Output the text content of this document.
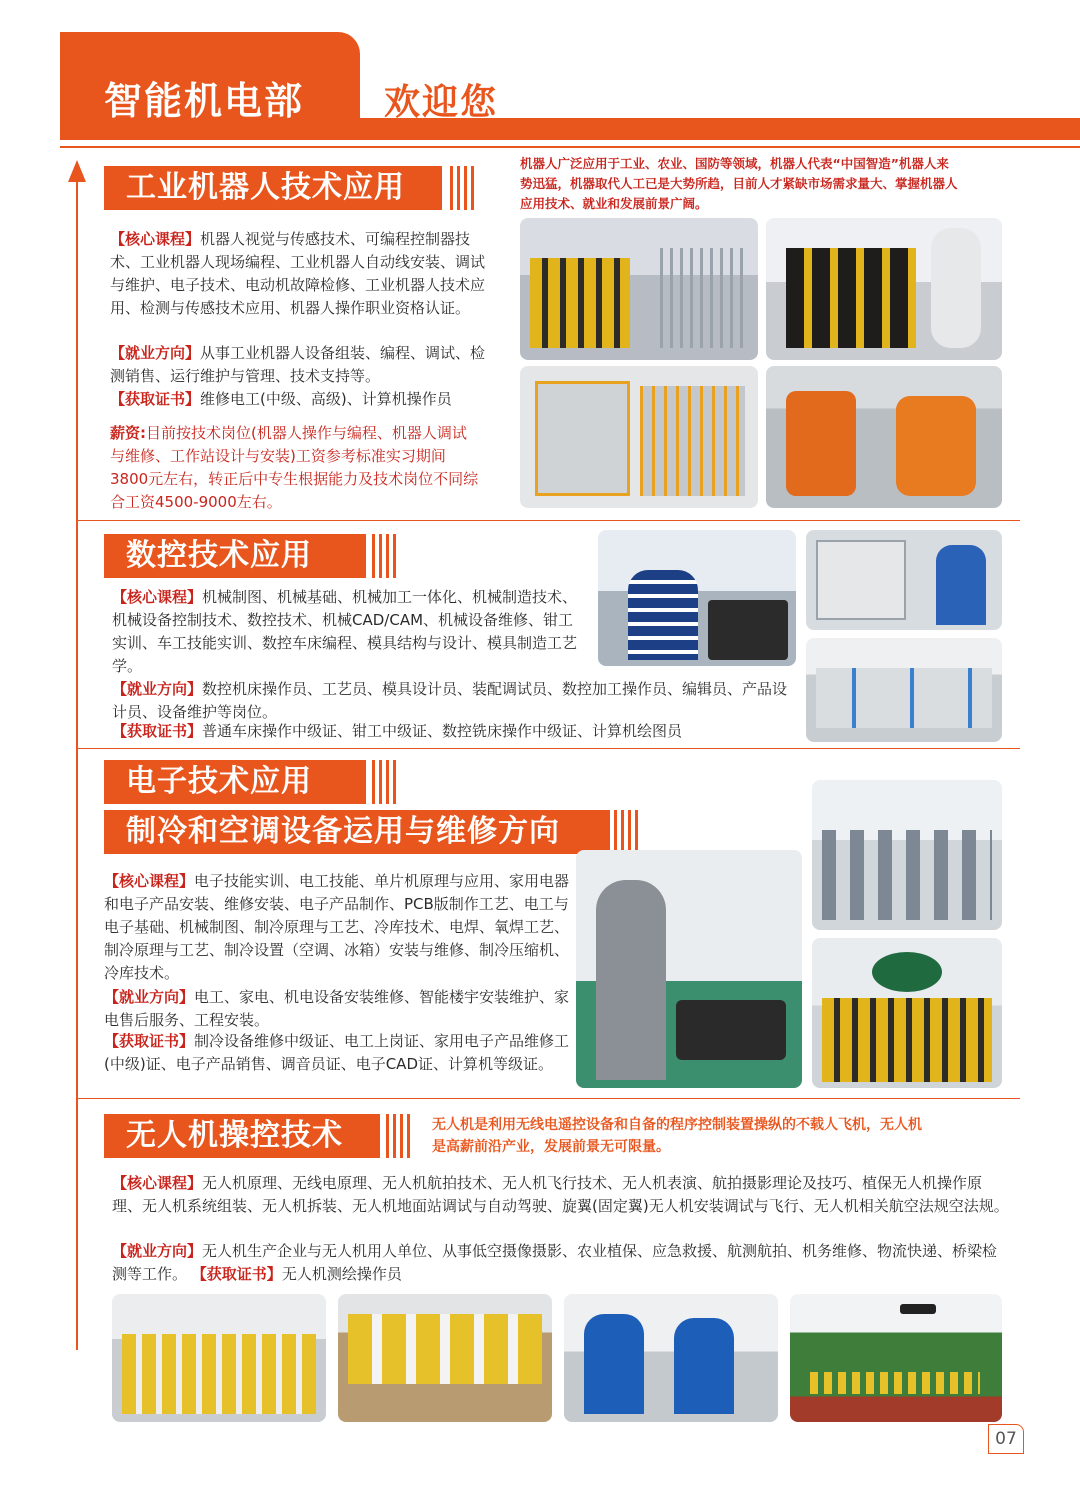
智能机电部 欢迎您
工业机器人技术应用
机器人广泛应用于工业、农业、国防等领域，机器人代表“中国智造”机器人来势迅猛，机器取代人工已是大势所趋，目前人才紧缺市场需求量大、掌握机器人应用技术、就业和发展前景广阔。
【核心课程】机器人视觉与传感技术、可编程控制器技术、工业机器人现场编程、工业机器人自动线安装、调试与维护、电子技术、电动机故障检修、工业机器人技术应用、检测与传感技术应用、机器人操作职业资格认证。
【就业方向】从事工业机器人设备组装、编程、调试、检测销售、运行维护与管理、技术支持等。
【获取证书】维修电工(中级、高级)、计算机操作员
薪资:目前按技术岗位(机器人操作与编程、机器人调试与维修、工作站设计与安装)工资参考标准实习期间3800元左右，转正后中专生根据能力及技术岗位不同综合工资4500-9000左右。
数控技术应用
【核心课程】机械制图、机械基础、机械加工一体化、机械制造技术、机械设备控制技术、数控技术、机械CAD/CAM、机械设备维修、钳工实训、车工技能实训、数控车床编程、模具结构与设计、模具制造工艺学。
【就业方向】数控机床操作员、工艺员、模具设计员、装配调试员、数控加工操作员、编辑员、产品设计员、设备维护等岗位。
【获取证书】普通车床操作中级证、钳工中级证、数控铣床操作中级证、计算机绘图员
电子技术应用
制冷和空调设备运用与维修方向
【核心课程】电子技能实训、电工技能、单片机原理与应用、家用电器和电子产品安装、维修安装、电子产品制作、PCB版制作工艺、电工与电子基础、机械制图、制冷原理与工艺、冷库技术、电焊、氧焊工艺、制冷原理与工艺、制冷设置（空调、冰箱）安装与维修、制冷压缩机、冷库技术。
【就业方向】电工、家电、机电设备安装维修、智能楼宇安装维护、家电售后服务、工程安装。
【获取证书】制冷设备维修中级证、电工上岗证、家用电子产品维修工(中级)证、电子产品销售、调音员证、电子CAD证、计算机等级证。
无人机操控技术	无人机是利用无线电遥控设备和自备的程序控制装置操纵的不载人飞机，无人机是高薪前沿产业，发展前景无可限量。
【核心课程】无人机原理、无线电原理、无人机航拍技术、无人机飞行技术、无人机表演、航拍摄影理论及技巧、植保无人机操作原理、无人机系统组装、无人机拆装、无人机地面站调试与自动驾驶、旋翼(固定翼)无人机安装调试与飞行、无人机相关航空法规空法规。
【就业方向】无人机生产企业与无人机用人单位、从事低空摄像摄影、农业植保、应急救援、航测航拍、机务维修、物流快递、桥梁检测等工作。 【获取证书】无人机测绘操作员
07
